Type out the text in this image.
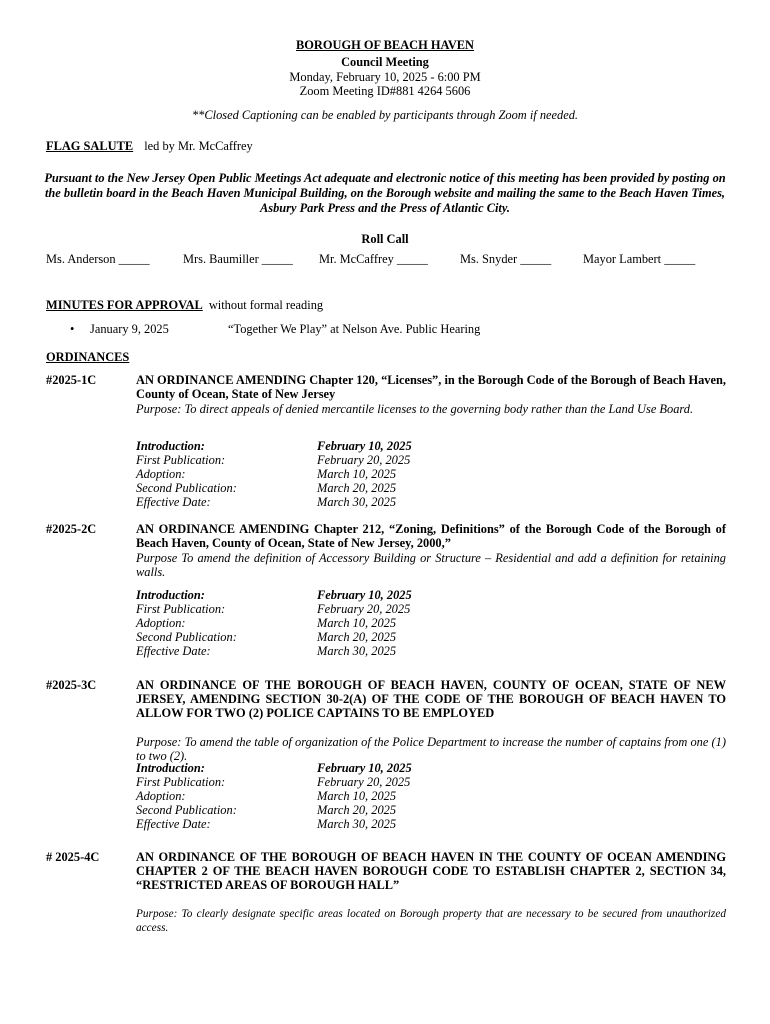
BOROUGH OF BEACH HAVEN
Council Meeting
Monday, February 10, 2025 - 6:00 PM
Zoom Meeting ID#881 4264 5606
**Closed Captioning can be enabled by participants through Zoom if needed.
FLAG SALUTE led by Mr. McCaffrey
Pursuant to the New Jersey Open Public Meetings Act adequate and electronic notice of this meeting has been provided by posting on the bulletin board in the Beach Haven Municipal Building, on the Borough website and mailing the same to the Beach Haven Times, Asbury Park Press and the Press of Atlantic City.
Roll Call
Ms. Anderson _____	Mrs. Baumiller _____ Mr. McCaffrey _____	Ms. Snyder _____	Mayor Lambert _____
MINUTES FOR APPROVAL without formal reading
• January 9, 2025	“Together We Play” at Nelson Ave. Public Hearing
ORDINANCES
#2025-1C	AN ORDINANCE AMENDING Chapter 120, “Licenses”, in the Borough Code of the Borough of Beach Haven, County of Ocean, State of New Jersey
Purpose: To direct appeals of denied mercantile licenses to the governing body rather than the Land Use Board.
Introduction:	February 10, 2025
First Publication:	February 20, 2025
Adoption:	March 10, 2025
Second Publication:	March 20, 2025
Effective Date:	March 30, 2025
#2025-2C	AN ORDINANCE AMENDING Chapter 212, “Zoning, Definitions” of the Borough Code of the Borough of Beach Haven, County of Ocean, State of New Jersey, 2000,”
Purpose To amend the definition of Accessory Building or Structure – Residential and add a definition for retaining walls.
Introduction:	February 10, 2025
First Publication:	February 20, 2025
Adoption:	March 10, 2025
Second Publication:	March 20, 2025
Effective Date:	March 30, 2025
#2025-3C	AN ORDINANCE OF THE BOROUGH OF BEACH HAVEN, COUNTY OF OCEAN, STATE OF NEW JERSEY, AMENDING SECTION 30-2(A) OF THE CODE OF THE BOROUGH OF BEACH HAVEN TO ALLOW FOR TWO (2) POLICE CAPTAINS TO BE EMPLOYED
Purpose: To amend the table of organization of the Police Department to increase the number of captains from one (1) to two (2).
Introduction:	February 10, 2025
First Publication:	February 20, 2025
Adoption:	March 10, 2025
Second Publication:	March 20, 2025
Effective Date:	March 30, 2025
# 2025-4C	AN ORDINANCE OF THE BOROUGH OF BEACH HAVEN IN THE COUNTY OF OCEAN AMENDING CHAPTER 2 OF THE BEACH HAVEN BOROUGH CODE TO ESTABLISH CHAPTER 2, SECTION 34, “RESTRICTED AREAS OF BOROUGH HALL”
Purpose: To clearly designate specific areas located on Borough property that are necessary to be secured from unauthorized access.
